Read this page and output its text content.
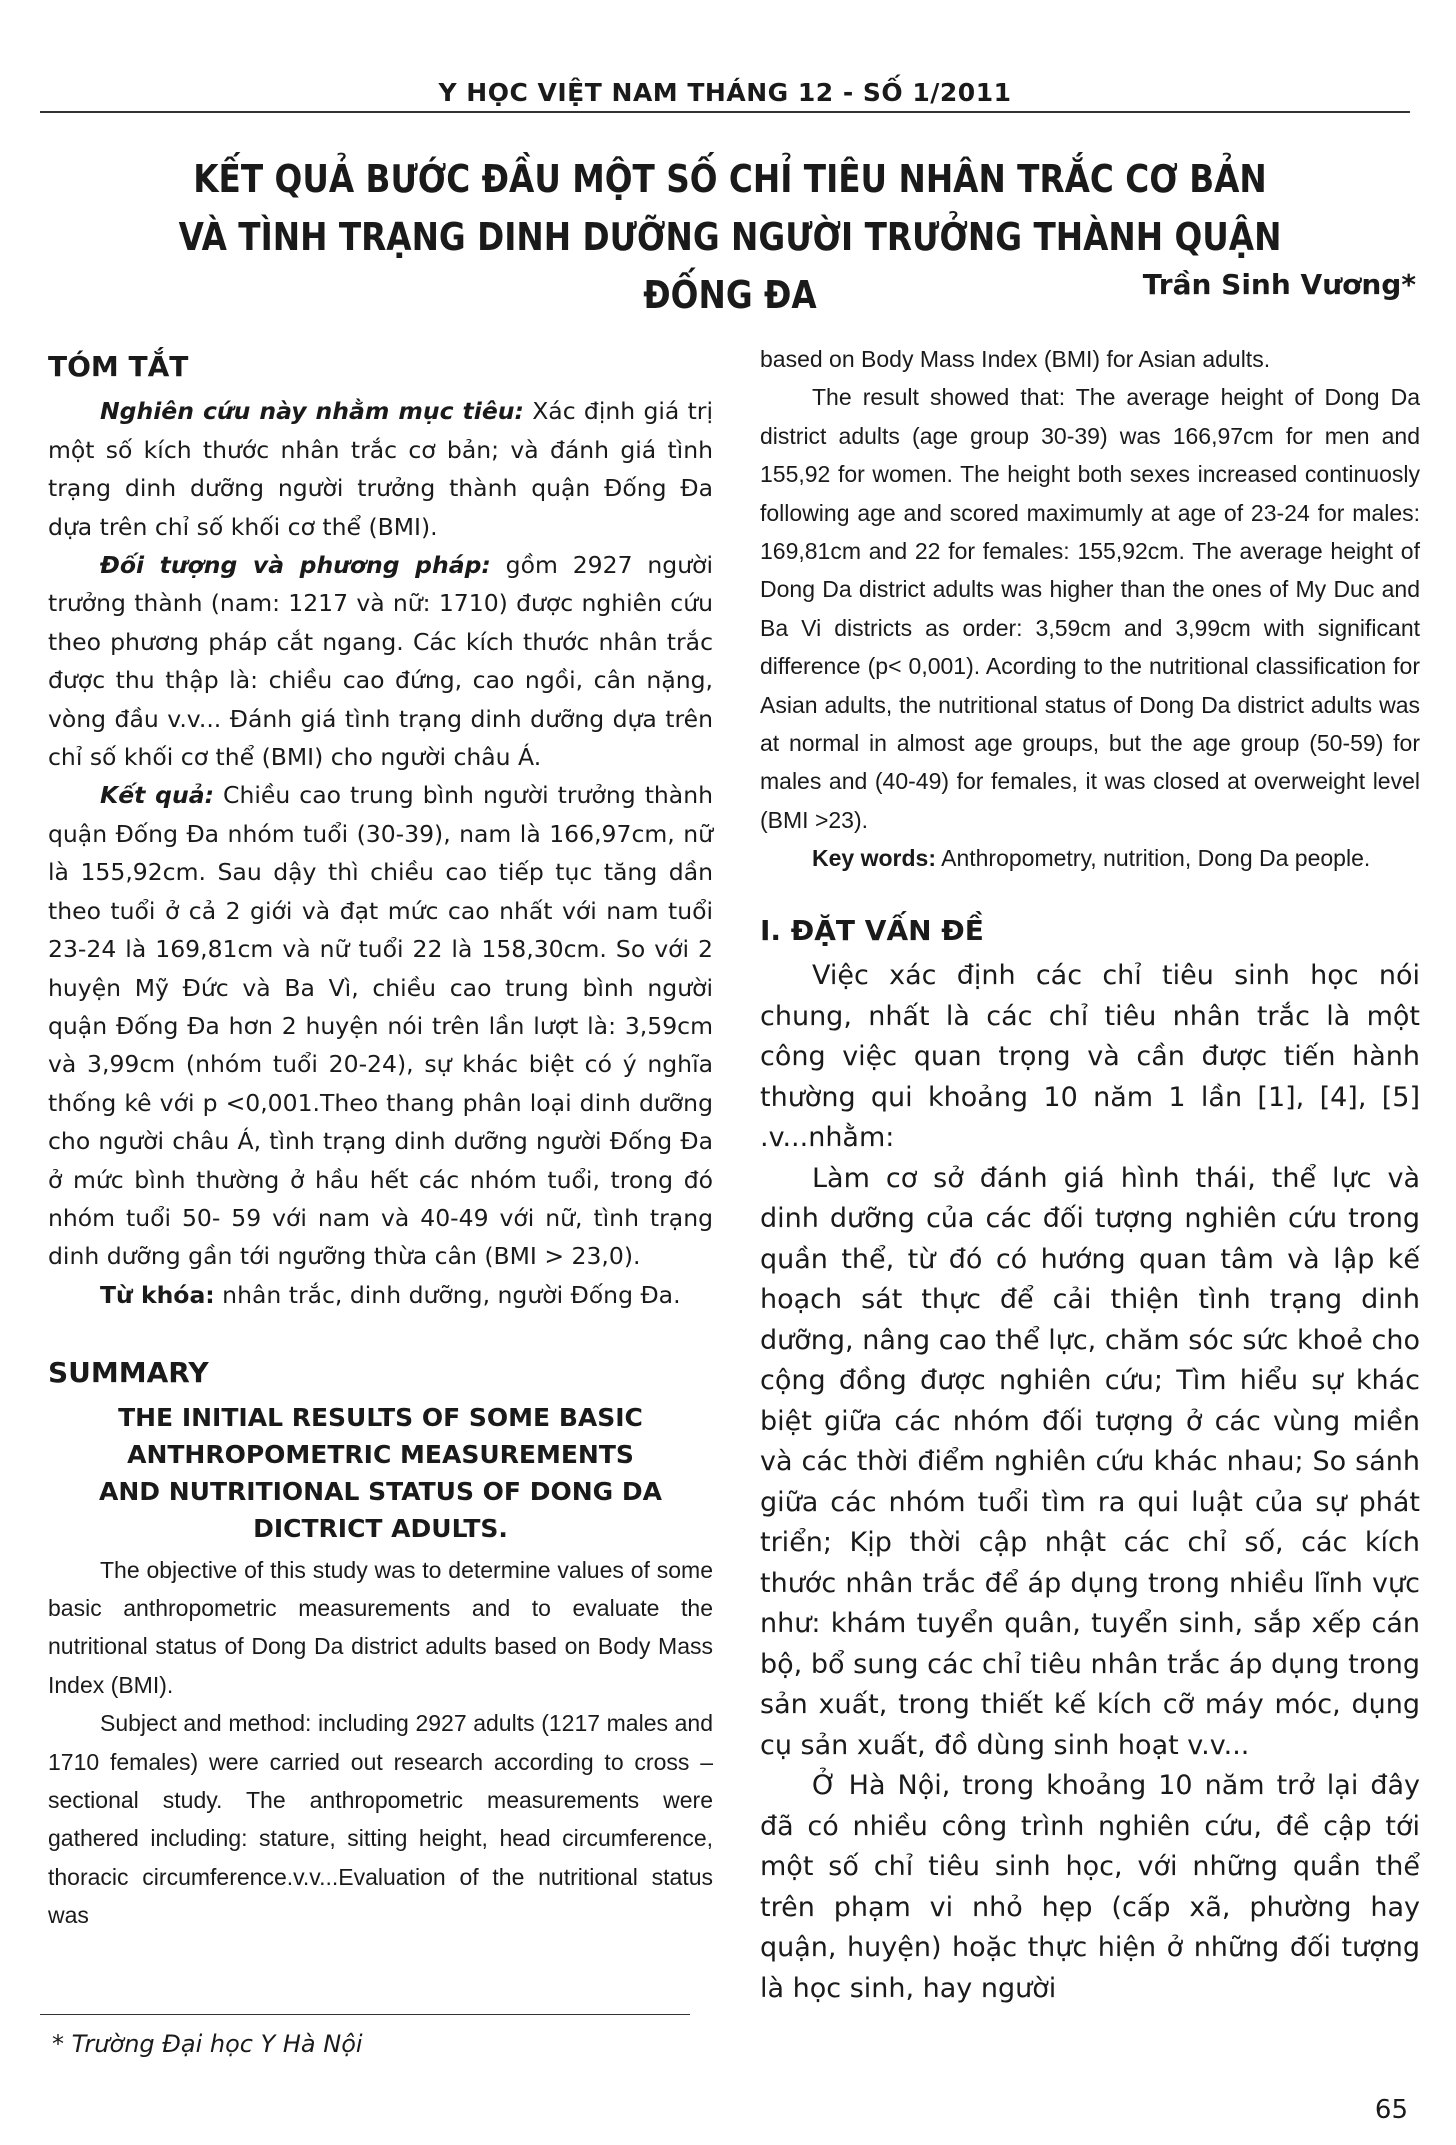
Y HỌC VIỆT NAM THÁNG 12 - SỐ 1/2011
KẾT QUẢ BƯỚC ĐẦU MỘT SỐ CHỈ TIÊU NHÂN TRẮC CƠ BẢN
VÀ TÌNH TRẠNG DINH DƯỠNG NGƯỜI TRƯỞNG THÀNH QUẬN ĐỐNG ĐA	Trần Sinh Vương*
TÓM TẮT

Nghiên cứu này nhằm mục tiêu: Xác định giá trị một số kích thước nhân trắc cơ bản; và đánh giá tình trạng dinh dưỡng người trưởng thành quận Đống Đa dựa trên chỉ số khối cơ thể (BMI).

Đối tượng và phương pháp: gồm 2927 người trưởng thành (nam: 1217 và nữ: 1710) được nghiên cứu theo phương pháp cắt ngang. Các kích thước nhân trắc được thu thập là: chiều cao đứng, cao ngồi, cân nặng, vòng đầu v.v... Đánh giá tình trạng dinh dưỡng dựa trên chỉ số khối cơ thể (BMI) cho người châu Á.

Kết quả: Chiều cao trung bình người trưởng thành quận Đống Đa nhóm tuổi (30-39), nam là 166,97cm, nữ là 155,92cm. Sau dậy thì chiều cao tiếp tục tăng dần theo tuổi ở cả 2 giới và đạt mức cao nhất với nam tuổi 23-24 là 169,81cm và nữ tuổi 22 là 158,30cm. So với 2 huyện Mỹ Đức và Ba Vì, chiều cao trung bình người quận Đống Đa hơn 2 huyện nói trên lần lượt là: 3,59cm và 3,99cm (nhóm tuổi 20-24), sự khác biệt có ý nghĩa thống kê với p <0,001.Theo thang phân loại dinh dưỡng cho người châu Á, tình trạng dinh dưỡng người Đống Đa ở mức bình thường ở hầu hết các nhóm tuổi, trong đó nhóm tuổi 50- 59 với nam và 40-49 với nữ, tình trạng dinh dưỡng gần tới ngưỡng thừa cân (BMI > 23,0).

Từ khóa: nhân trắc, dinh dưỡng, người Đống Đa.

SUMMARY
THE INITIAL RESULTS OF SOME BASIC
ANTHROPOMETRIC MEASUREMENTS
AND NUTRITIONAL STATUS OF DONG DA
DICTRICT ADULTS.

The objective of this study was to determine values of some basic anthropometric measurements and to evaluate the nutritional status of Dong Da district adults based on Body Mass Index (BMI).

Subject and method: including 2927 adults (1217 males and 1710 females) were carried out research according to cross – sectional study. The anthropometric measurements were gathered including: stature, sitting height, head circumference, thoracic circumference.v.v...Evaluation of the nutritional status was

based on Body Mass Index (BMI) for Asian adults.

The result showed that: The average height of Dong Da district adults (age group 30-39) was 166,97cm for men and 155,92 for women. The height both sexes increased continuosly following age and scored maximumly at age of 23-24 for males: 169,81cm and 22 for females: 155,92cm. The average height of Dong Da district adults was higher than the ones of My Duc and Ba Vi districts as order: 3,59cm and 3,99cm with significant difference (p< 0,001). Acording to the nutritional classification for Asian adults, the nutritional status of Dong Da district adults was at normal in almost age groups, but the age group (50-59) for males and (40-49) for females, it was closed at overweight level (BMI >23).

Key words: Anthropometry, nutrition, Dong Da people.

I. ĐẶT VẤN ĐỀ

Việc xác định các chỉ tiêu sinh học nói chung, nhất là các chỉ tiêu nhân trắc là một công việc quan trọng và cần được tiến hành thường qui khoảng 10 năm 1 lần [1], [4], [5] .v...nhằm:

Làm cơ sở đánh giá hình thái, thể lực và dinh dưỡng của các đối tượng nghiên cứu trong quần thể, từ đó có hướng quan tâm và lập kế hoạch sát thực để cải thiện tình trạng dinh dưỡng, nâng cao thể lực, chăm sóc sức khoẻ cho cộng đồng được nghiên cứu; Tìm hiểu sự khác biệt giữa các nhóm đối tượng ở các vùng miền và các thời điểm nghiên cứu khác nhau; So sánh giữa các nhóm tuổi tìm ra qui luật của sự phát triển; Kịp thời cập nhật các chỉ số, các kích thước nhân trắc để áp dụng trong nhiều lĩnh vực như: khám tuyển quân, tuyển sinh, sắp xếp cán bộ, bổ sung các chỉ tiêu nhân trắc áp dụng trong sản xuất, trong thiết kế kích cỡ máy móc, dụng cụ sản xuất, đồ dùng sinh hoạt v.v...

Ở Hà Nội, trong khoảng 10 năm trở lại đây đã có nhiều công trình nghiên cứu, đề cập tới một số chỉ tiêu sinh học, với những quần thể trên phạm vi nhỏ hẹp (cấp xã, phường hay quận, huyện) hoặc thực hiện ở những đối tượng là học sinh, hay người

* Trường Đại học Y Hà Nội
65
